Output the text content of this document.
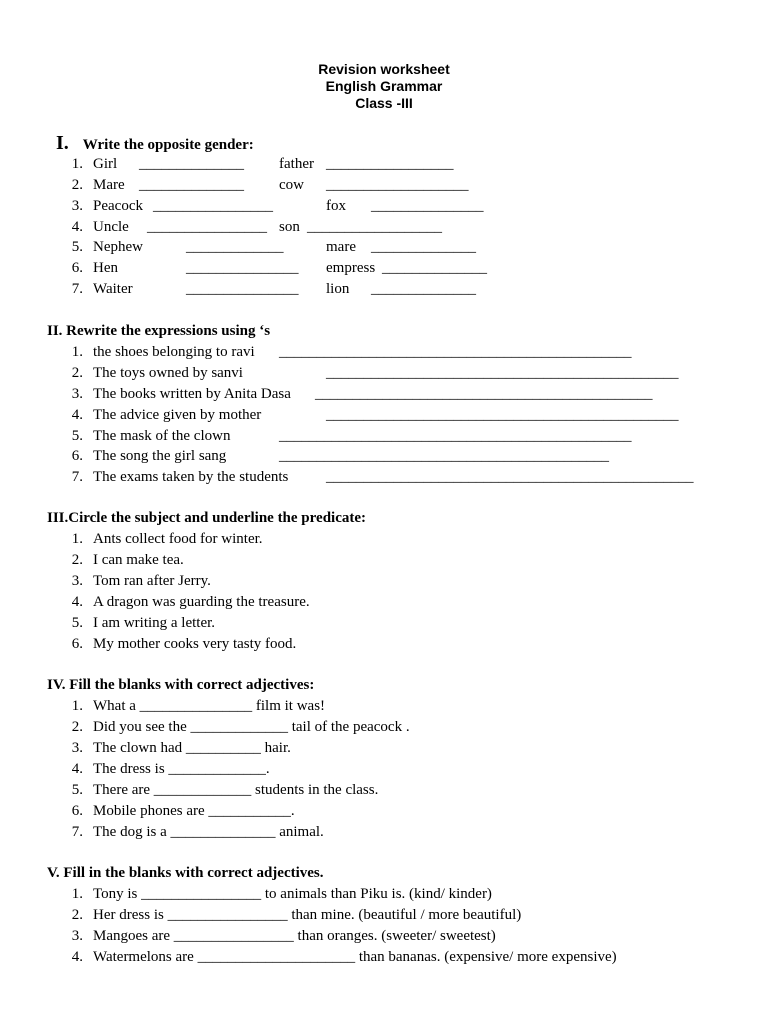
Revision worksheet
English Grammar
Class -III
I. Write the opposite gender:
1. Girl ______________ father _________________
2. Mare ______________ cow ___________________
3. Peacock ________________	fox _______________
4. Uncle ________________ son __________________
5. Nephew	_____________	mare ______________
6. Hen	_______________ empress ______________
7. Waiter	_______________ lion ______________
II. Rewrite the expressions using ‘s
1. the shoes belonging to ravi _______________________________________________
2. The toys owned by sanvi	_______________________________________________
3. The books written by Anita Dasa _____________________________________________
4. The advice given by mother	_______________________________________________
5. The mask of the clown	_______________________________________________
6. The song the girl sang	____________________________________________
7. The exams taken by the students	_________________________________________________
III.Circle the subject and underline the predicate:
1. Ants collect food for winter.
2. I can make tea.
3. Tom ran after Jerry.
4. A dragon was guarding the treasure.
5. I am writing a letter.
6. My mother cooks very tasty food.
IV. Fill the blanks with correct adjectives:
1. What a _______________ film it was!
2. Did you see the _____________ tail of the peacock .
3. The clown had __________ hair.
4. The dress is _____________.
5. There are _____________ students in the class.
6. Mobile phones are ___________.
7. The dog is a ______________ animal.
V. Fill in the blanks with correct adjectives.
1. Tony is ________________ to animals than Piku is. (kind/ kinder)
2. Her dress is ________________ than mine. (beautiful / more beautiful)
3. Mangoes are ________________ than oranges. (sweeter/ sweetest)
4. Watermelons are _____________________ than bananas. (expensive/ more expensive)
